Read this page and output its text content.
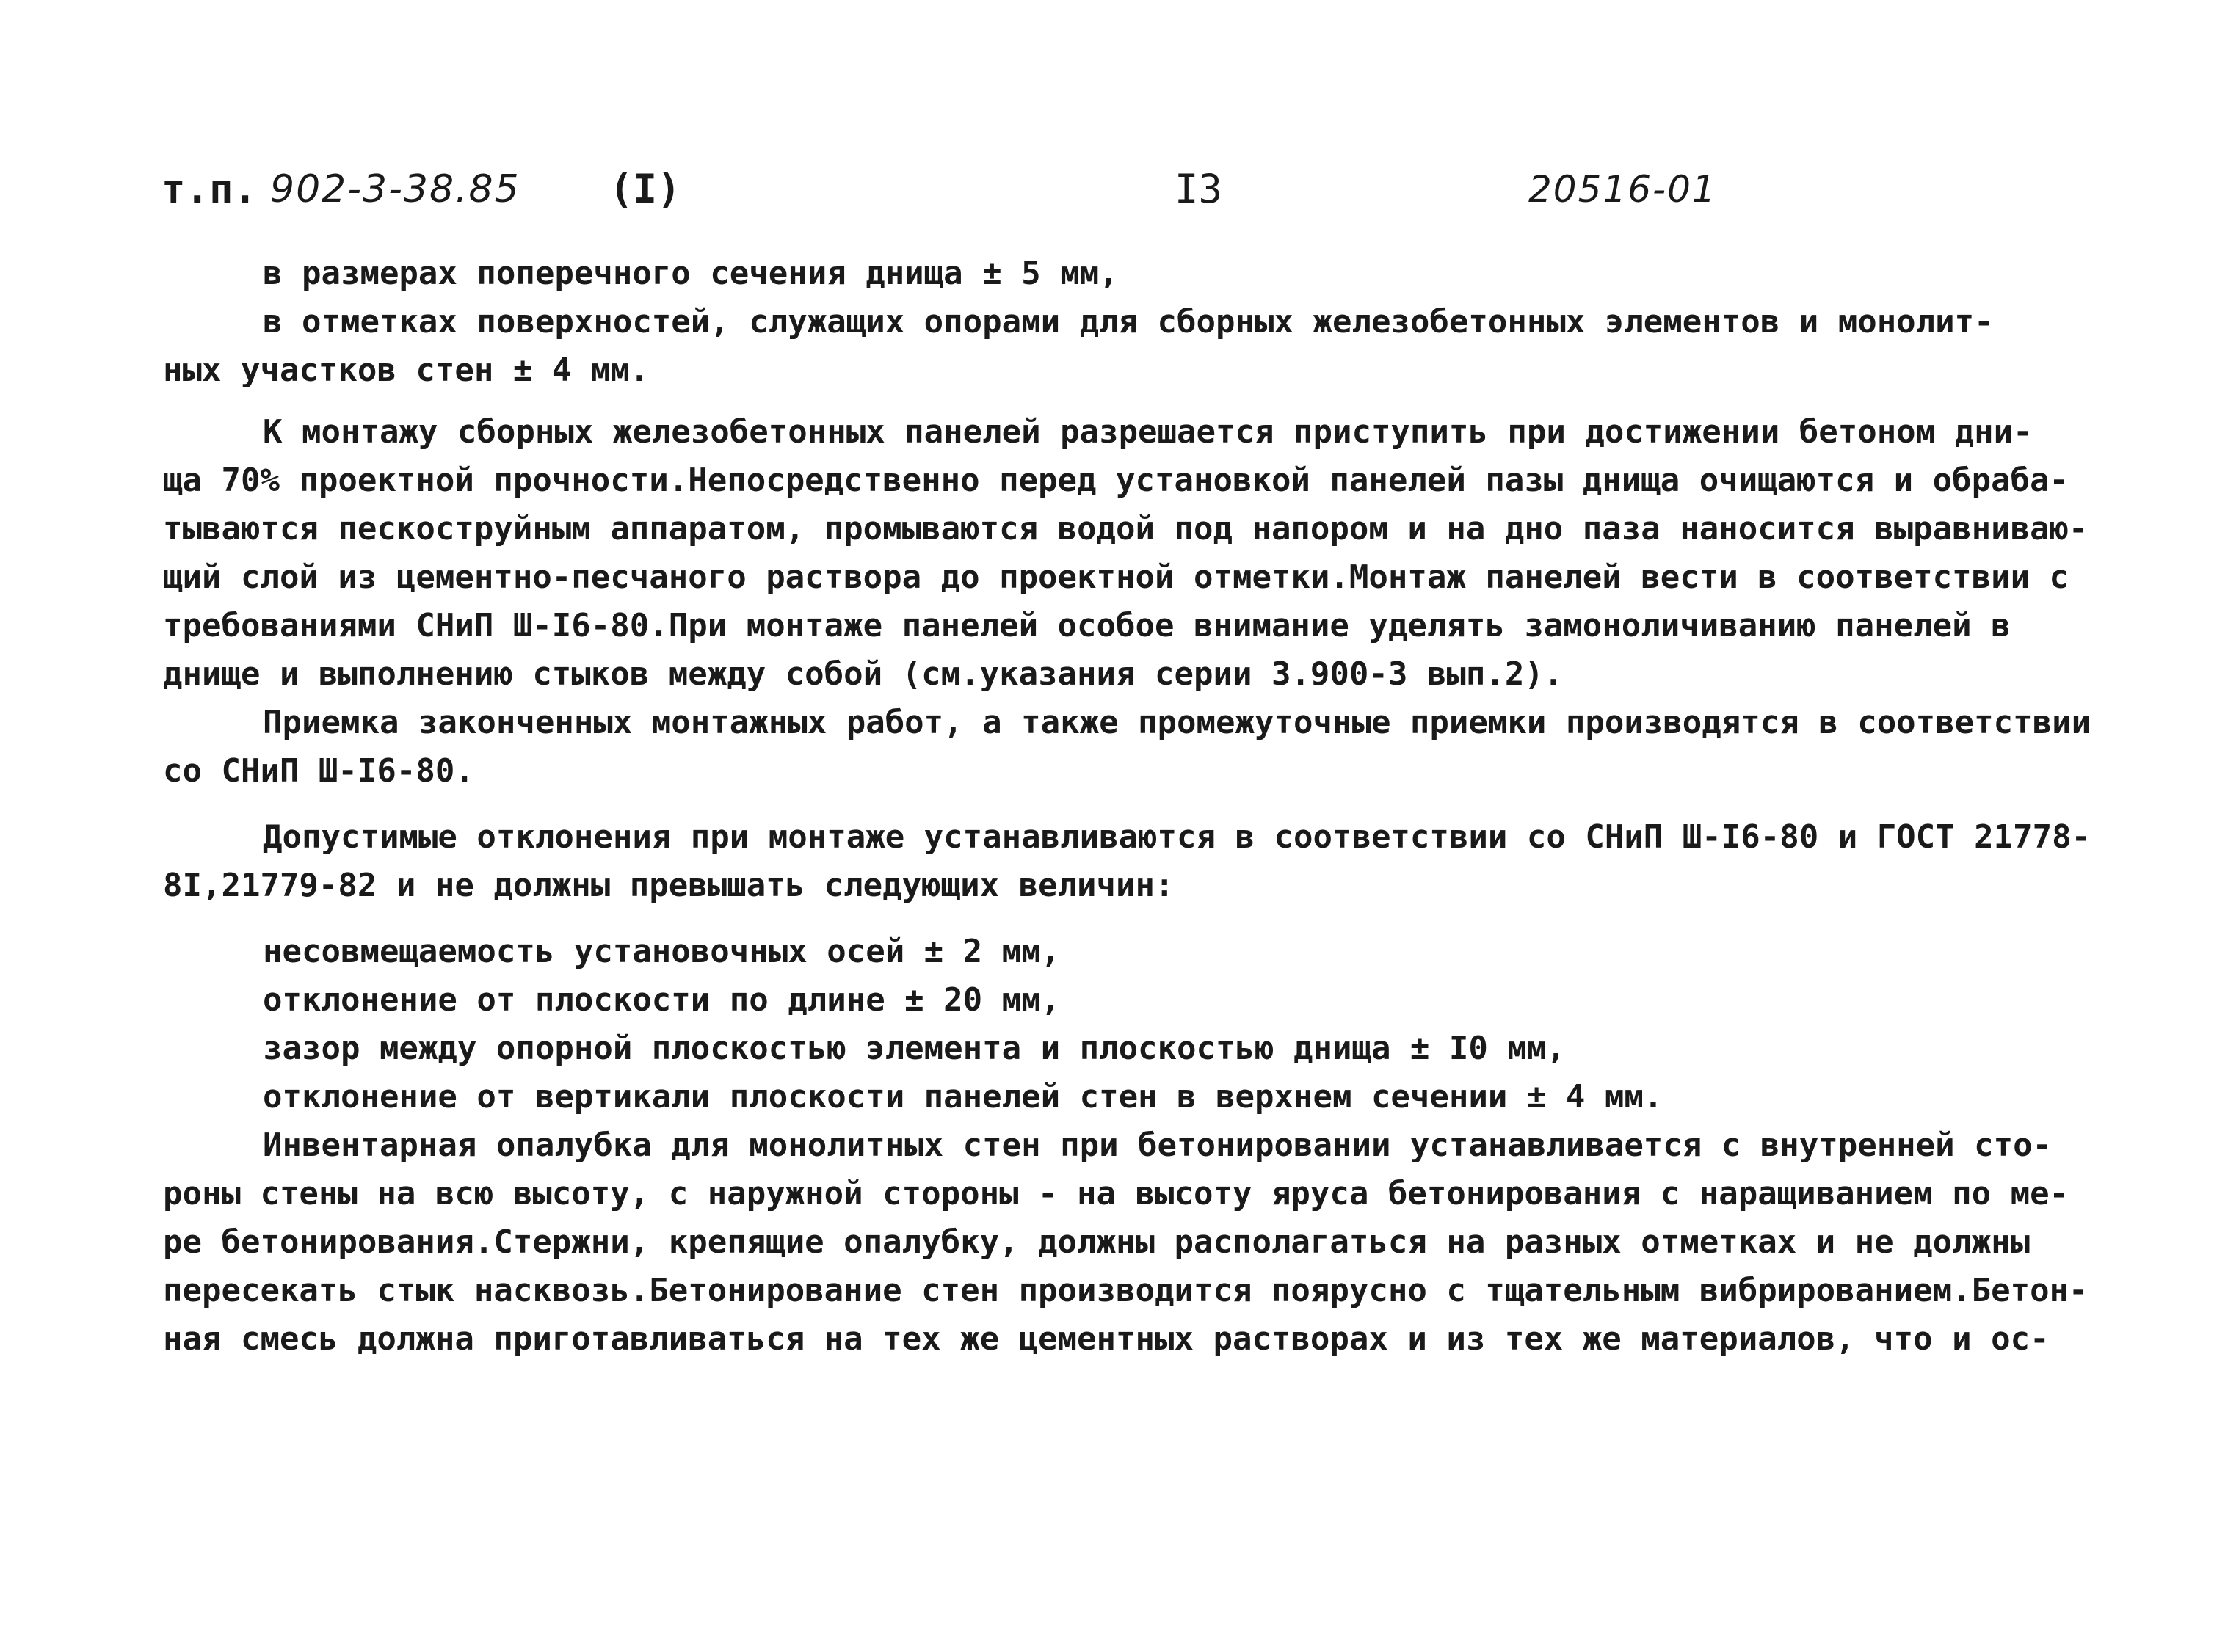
т.п. 902-3-38.85 (I)	I3	20516-01
в размерах поперечного сечения днища ± 5 мм,
в отметках поверхностей, служащих опорами для сборных железобетонных элементов и монолит-
ных участков стен ± 4 мм.
К монтажу сборных железобетонных панелей разрешается приступить при достижении бетоном дни-
ща 70% проектной прочности.Непосредственно перед установкой панелей пазы днища очищаются и обраба-
тываются пескоструйным аппаратом, промываются водой под напором и на дно паза наносится выравниваю-
щий слой из цементно-песчаного раствора до проектной отметки.Монтаж панелей вести в соответствии с
требованиями СНиП Ш-I6-80.При монтаже панелей особое внимание уделять замоноличиванию панелей в
днище и выполнению стыков между собой (см.указания серии 3.900-3 вып.2).
Приемка законченных монтажных работ, а также промежуточные приемки производятся в соответствии
со СНиП Ш-I6-80.
Допустимые отклонения при монтаже устанавливаются в соответствии со СНиП Ш-I6-80 и ГОСТ 21778-
8I,21779-82 и не должны превышать следующих величин:
несовмещаемость установочных осей ± 2 мм,
отклонение от плоскости по длине ± 20 мм,
зазор между опорной плоскостью элемента и плоскостью днища ± I0 мм,
отклонение от вертикали плоскости панелей стен в верхнем сечении ± 4 мм.
Инвентарная опалубка для монолитных стен при бетонировании устанавливается с внутренней сто-
роны стены на всю высоту, с наружной стороны - на высоту яруса бетонирования с наращиванием по ме-
ре бетонирования.Стержни, крепящие опалубку, должны располагаться на разных отметках и не должны
пересекать стык насквозь.Бетонирование стен производится поярусно с тщательным вибрированием.Бетон-
ная смесь должна приготавливаться на тех же цементных растворах и из тех же материалов, что и ос-
